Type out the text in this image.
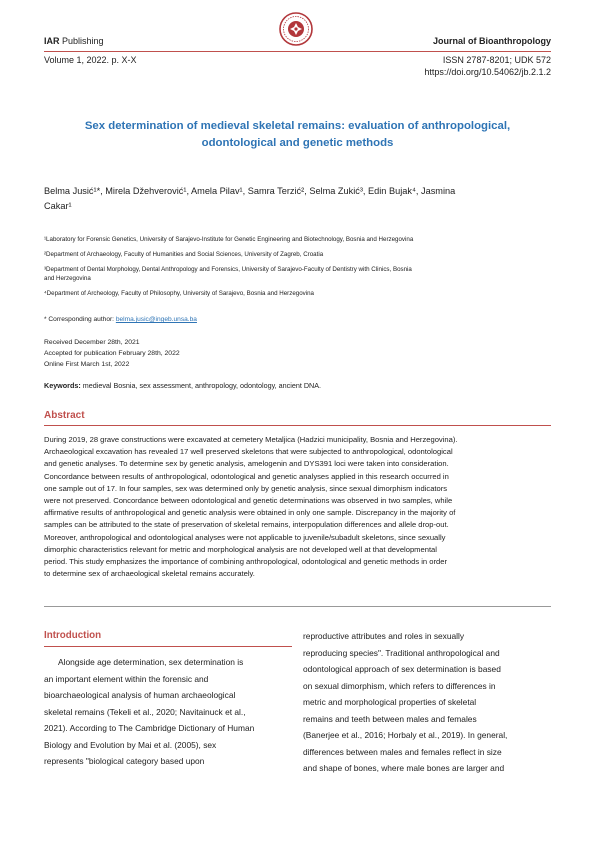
IAR Publishing	Journal of Bioanthropology
Volume 1, 2022. p. X-X	ISSN 2787-8201; UDK 572
https://doi.org/10.54062/jb.2.1.2
Sex determination of medieval skeletal remains: evaluation of anthropological,
odontological and genetic methods
Belma Jusić¹*, Mirela Džehverović¹, Amela Pilav¹, Samra Terzić², Selma Zukić³, Edin Bujak⁴, Jasmina
Cakar¹
¹Laboratory for Forensic Genetics, University of Sarajevo-Institute for Genetic Engineering and Biotechnology, Bosnia and Herzegovina
²Department of Archaeology, Faculty of Humanities and Social Sciences, University of Zagreb, Croatia
³Department of Dental Morphology, Dental Anthropology and Forensics, University of Sarajevo-Faculty of Dentistry with Clinics, Bosnia
and Herzegovina
⁴Department of Archeology, Faculty of Philosophy, University of Sarajevo, Bosnia and Herzegovina
* Corresponding author: belma.jusic@ingeb.unsa.ba
Received December 28th, 2021
Accepted for publication February 28th, 2022
Online First March 1st, 2022
Keywords: medieval Bosnia, sex assessment, anthropology, odontology, ancient DNA.
Abstract
During 2019, 28 grave constructions were excavated at cemetery Metaljica (Hadzici municipality, Bosnia and Herzegovina).
Archaeological excavation has revealed 17 well preserved skeletons that were subjected to anthropological, odontological
and genetic analyses. To determine sex by genetic analysis, amelogenin and DYS391 loci were taken into consideration.
Concordance between results of anthropological, odontological and genetic analyses applied in this research occurred in
one sample out of 17. In four samples, sex was determined only by genetic analysis, since sexual dimorphism indicators
were not preserved. Concordance between odontological and genetic determinations was observed in two samples, while
affirmative results of anthropological and genetic analysis were obtained in only one sample. Discrepancy in the majority of
samples can be attributed to the state of preservation of skeletal remains, interpopulation differences and allele drop-out.
Moreover, anthropological and odontological analyses were not applicable to juvenile/subadult skeletons, since sexually
dimorphic characteristics relevant for metric and morphological analysis are not developed well at that developmental
period. This study emphasizes the importance of combining anthropological, odontological and genetic methods in order
to determine sex of archaeological skeletal remains accurately.
Introduction
Alongside age determination, sex determination is
an important element within the forensic and
bioarchaeological analysis of human archaeological
skeletal remains (Tekeli et al., 2020; Navitainuck et al.,
2021). According to The Cambridge Dictionary of Human
Biology and Evolution by Mai et al. (2005), sex
represents "biological category based upon
reproductive attributes and roles in sexually
reproducing species". Traditional anthropological and
odontological approach of sex determination is based
on sexual dimorphism, which refers to differences in
metric and morphological properties of skeletal
remains and teeth between males and females
(Banerjee et al., 2016; Horbaly et al., 2019). In general,
differences between males and females reflect in size
and shape of bones, where male bones are larger and
